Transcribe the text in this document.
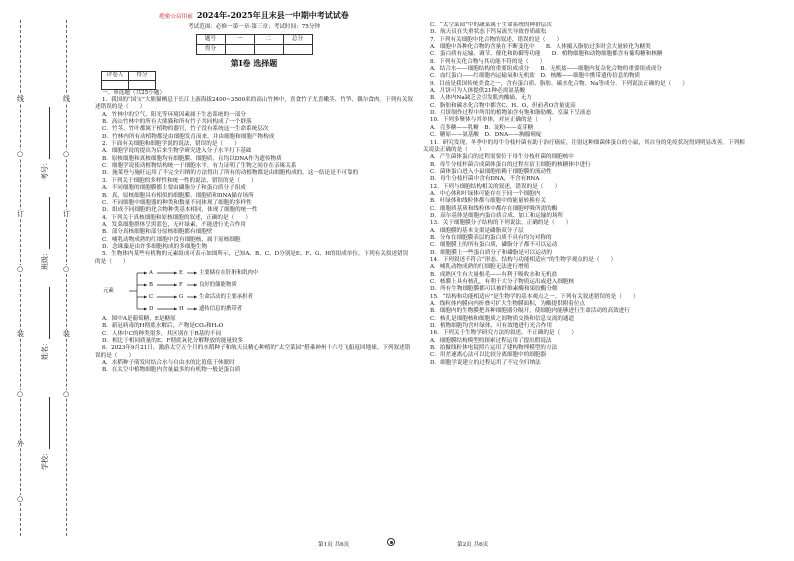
线
○
订
○
装
○
外
○
线
○
订
○
装
○
学校：
姓名：
班级：
考号：
绝密☆启用前 2024年-2025年且末县一中期中考试试卷
考试范围：必修一第一章-第三章；考试时间：75分钟
题号	一	二	总分
得分			
第Ⅰ卷 选择题
评卷人	得分

一、单选题（共25小题）

1．我国的“国宝”大熊猫栖息于长江上游海拔2400~3500米的高山竹林中，喜食竹子尤喜嫩茎、竹笋，偶尔食肉。下列有关叙述错误的是（　　）

A．竹林中的空气、阳光等环境因素属于生态系统的一部分

B．高山竹林中的所有大熊猫和所有竹子共同构成了一个群落

C．竹茎、竹叶都属于植物的器官，竹子没有系统这一生命系统层次

D．竹林内所有动植物都是由细胞发育而来，并由细胞和细胞产物构成

2．下面有关细胞和细胞学说的说法，错误的是（　　）

A．细胞学说的提出为后来生物学研究进入分子水平打下基础

B．原核细胞和真核细胞均有细胞膜、细胞质，且均以DNA作为遗传物质

C．细胞学说使动植物结构统一于细胞水平，有力证明了生物之间存在亲缘关系

D．施莱登与施旺运用了不完全归纳的方法得出了所有的动植物都是由细胞构成的，这一结论是不可靠的

3．下列关于细胞的多样性和统一性的说法，错误的是（　　）

A．不同细胞的细胞膜都主要由磷脂分子和蛋白质分子组成

B．真、原核细胞具有相似的细胞膜、细胞质和DNA储存场所

C．不同细胞中细胞器的种类和数量不同体现了细胞的多样性

D．组成不同细胞的化合物种类基本相同，体现了细胞的统一性

4．下列关于真核细胞和原核细胞的叙述，正确的是（　　）

A．发菜细胞群体呈黑蓝色，无叶绿素，不能进行光合作用

B．部分真核细胞和部分原核细胞都有细胞壁

C．哺乳动物成熟的红细胞中没有细胞核，属于原核细胞

D．念珠藻是由许多细胞构成的多细胞生物

5．生物体内某些有机物的元素组成可表示如图所示，已知A、B、C、D分别是E、F、G、H的组成单位。下列有关叙述错误的是（　　）

元素
A	E	主要储存在肝脏和肌肉中
B	F	良好的储能物质
C	G	生命活动的主要承担者
D	H	遗传信息的携带者

A．图中A是葡萄糖，E是糖原

B．新冠病毒的H彻底水解后，产物是CO₂和H₂O

C．人体中C的种类很多，其区别在于R基的不同

D．相比于相同质量的E，F彻底氧化分解释放的能量较多

6．2023年9月21日，激游太空五个月的水稻种子和航天员精心种植的“太空菜园”搭乘神州十六号飞船返回地球。下列叙述错误的是（　　）

A．水稻种子萌发时结合水与自由水的比值低于休眠时

B．在太空中植物细胞内含量最多的有机物一般是蛋白质

C．“太空菜园”中的蔬菜属于生命系统的种群层次

D．航天员在失重状态下钙易流失导致骨质疏松

7．下列有关细胞中化合物的叙述，错误的是（　　）

A．细胞中各种化合物的含量在不断变化中　　B．人体摄入脂肪过多时会大量转化为糖类

C．蛋白质有运输、调节、催化和防御等功能　　D．植物细胞和动物细胞都含有葡萄糖和核糖

8．下列有关化合物与其功能不符的是（　　）

A．结合水——细胞结构的重要组成成分　　B．无机盐——细胞内复杂化合物的重要组成成分

C．血红蛋白——红细胞内运输氧和无机盐　D．核酸——细胞中携带遗传信息的物质

9．目前是我国传统美食之一，含有蛋白质、脂肪、碳水化合物、Na等成分。下列说法正确的是（　　）

A．月饼可为人体提供21种必需氨基酸

B．人体内Na缺乏会引发肌肉酸痛、无力

C．脂肪和碳水化合物中都含C、H、O，但前者O含量更高

D．月饼制作过程中所用的植物油含有饱和脂肪酸，室温下呈液态

10．下列多聚体与其单体，对应正确的是（　　）

A．壳多糖——乳糖　B．淀粉——麦芽糖

C．糖原——氨基酸　D．DNA——胸腺嘧啶

11．研究发现，冬季中的母牛分枝杆菌有助于治疗癌症，注射这种细菌体蛋白的小鼠，其自身的免疫状况得到明显改善。下列相关说法正确的是（　　）

A．产生菌体蛋白的过程需要位于母牛分枝杆菌的细胞核中

B．母牛分枝杆菌合成菌体蛋白的过程在宿主细胞的核糖体中进行

C．菌体蛋白进入小鼠细胞依赖于细胞膜的流动性

D．母牛分枝杆菌中含有DNA，不含有RNA

12．下列与细胞结构相关的叙述，错误的是（　　）

A．中心体和叶绿体可能存在于同一个细胞内

B．叶绿体和线粒体都与细胞中的能量转换有关

C．细胞质基质和线粒体中都存在细胞呼吸所需的酶

D．高尔基体是细胞内蛋白质合成、加工和运输的场所

13．关于细胞膜分子结构的下列说法，正确的是（　　）

A．细胞膜的基本支架是磷脂双分子层

B．分布在细胞膜表层的蛋白质不具有均匀对称的

C．细胞膜上的所有蛋白质，磷脂分子都不可以运动

D．细胞膜上一些蛋白质分子和磷脂是可以运动的

14．下列叙述不符合“形态、结构与功能相适应”的生物学观点的是（　　）

A．哺乳动物成熟的红细胞无法进行增殖

B．成熟区生有大量根毛——有利于吸收水和无机盐

C．核膜上具有核孔，有利于大分子物质运出或进入细胞核

D．所有生物细胞膜都可以被纤维素酶和果胶酶分解

15．“结构和功能相适应”是生物学的基本观点之一。下列有关叙述错误的是（　　）

A．线粒体内膜向内折叠可扩大生物膜面积，为酶提供附着位点

B．细胞内的生物膜把各种细胞器分隔开，使细胞内能够进行生命活动的高效进行

C．核孔是细胞核和细胞质之间物质交换和信息交流的通道

D．植物细胞均含叶绿体，可有效地进行光合作用

16．下列关于生物学研究方法的叙述，不正确的是（　　）

A．细胞膜结构模型的探索过程运用了提出假说法

B．拍摄线粒体电镜照片运用了建构物理模型的方法

C．用差速离心法可以比较分离细胞中的细胞器

D．细胞学说建立的过程运用了不完全归纳法

第1页 共6页	第2页 共6页
